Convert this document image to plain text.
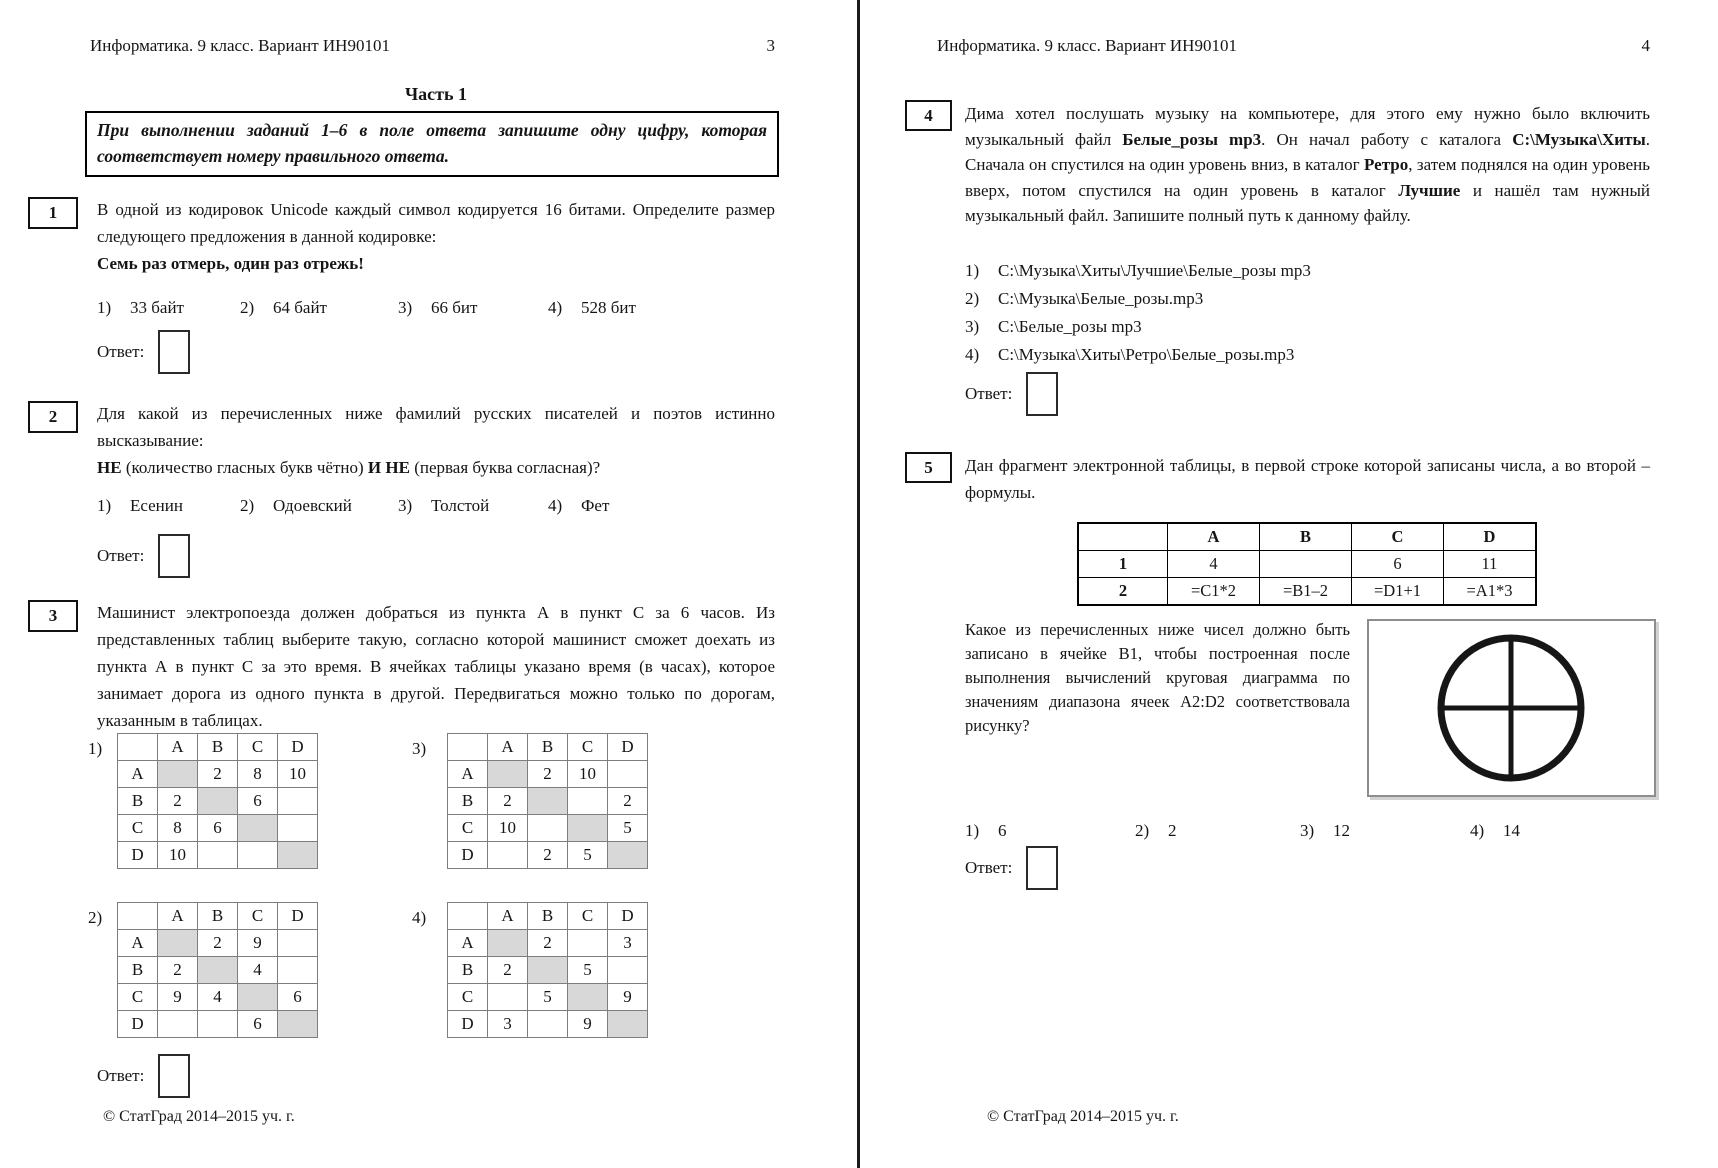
Информатика. 9 класс. Вариант ИН90101	3
Часть 1
При выполнении заданий 1–6 в поле ответа запишите одну цифру, которая соответствует номеру правильного ответа.
1	В одной из кодировок Unicode каждый символ кодируется 16 битами. Определите размер следующего предложения в данной кодировке:

Семь раз отмерь, один раз отрежь!

1)	33 байт	2)	64 байт	3)	66 бит	4)	528 бит
Ответ:
2	Для какой из перечисленных ниже фамилий русских писателей и поэтов истинно высказывание:

НЕ (количество гласных букв чётно) И НЕ (первая буква согласная)?

1)	Есенин	2)	Одоевский	3)	Толстой	4)	Фет
Ответ:
3	Машинист электропоезда должен добраться из пункта А в пункт С за 6 часов. Из представленных таблиц выберите такую, согласно которой машинист сможет доехать из пункта А в пункт С за это время. В ячейках таблицы указано время (в часах), которое занимает дорога из одного пункта в другой. Передвигаться можно только по дорогам, указанным в таблицах.

1)
		A	B	C	D
A		2	8	10
B	2		6	
C	8	6		
D	10			
3)
		A	B	C	D
A		2	10	
B	2			2
C	10			5
D		2	5	
2)
		A	B	C	D
A		2	9	
B	2		4	
C	9	4		6
D			6	
4)
		A	B	C	D
A		2		3
B	2		5	
C		5		9
D	3		9	
Ответ:
© СтатГрад 2014–2015 уч. г.
Информатика. 9 класс. Вариант ИН90101	4
4	Дима хотел послушать музыку на компьютере, для этого ему нужно было включить музыкальный файл Белые_розы mp3. Он начал работу с каталога C:\Музыка\Хиты. Сначала он спустился на один уровень вниз, в каталог Ретро, затем поднялся на один уровень вверх, потом спустился на один уровень в каталог Лучшие и нашёл там нужный музыкальный файл. Запишите полный путь к данному файлу.

1)	C:\Музыка\Хиты\Лучшие\Белые_розы mp3
2)	C:\Музыка\Белые_розы.mp3
3)	C:\Белые_розы mp3
4)	C:\Музыка\Хиты\Ретро\Белые_розы.mp3
Ответ:
5	Дан фрагмент электронной таблицы, в первой строке которой записаны числа, а во второй – формулы.

	A	B	C	D
1	4		6	11
2	=C1*2	=B1–2	=D1+1	=A1*3

Какое из перечисленных ниже чисел должно быть записано в ячейке B1, чтобы построенная после выполнения вычислений круговая диаграмма по значениям диапазона ячеек A2:D2 соответствовала рисунку?

1)	6	2)	2	3)	12	4)	14
Ответ:
© СтатГрад 2014–2015 уч. г.
